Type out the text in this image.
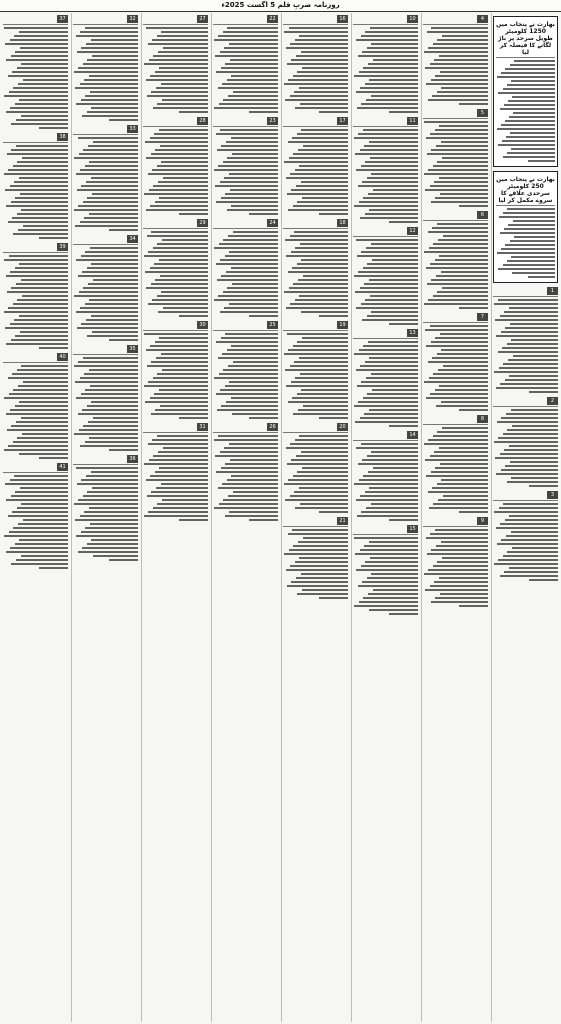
روزنامہ ضربِ قلم 5 اگست 2025ء
بھارت نے پنجاب میں 1250 کلومیٹر طویل سرحد پر باڑ لگانے کا فیصلہ کر لیا
بھارت نے پنجاب میں 250 کلومیٹر سرحدی علاقے کا سروے مکمل کر لیا
1
2
3
4
5
6
7
8
9
10
11
12
13
14
15
16
17
18
19
20
21
22
23
24
25
26
27
28
29
30
31
32
33
34
35
36
37
38
39
40
41
